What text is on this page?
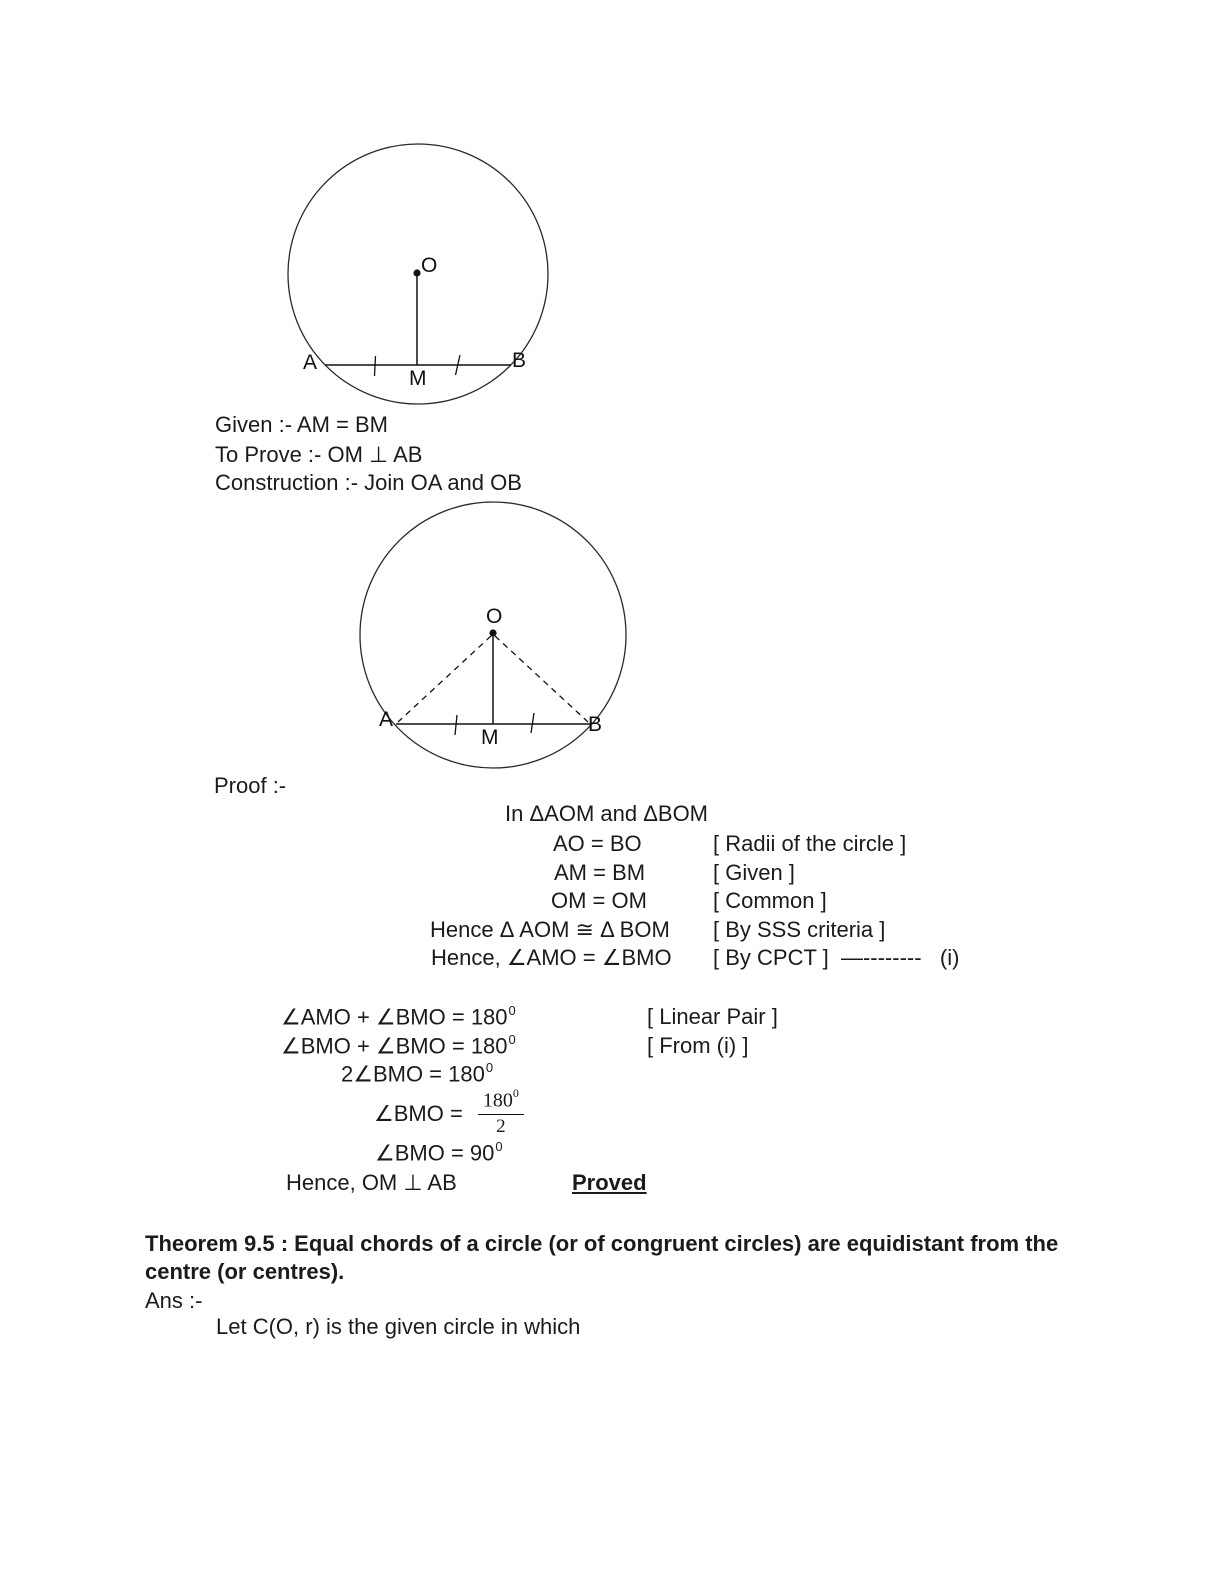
O
A	B
M
Given :- AM = BM
To Prove :- OM ⊥ AB
Construction :- Join OA and OB
O
A	B
M
Proof :-
In ΔAOM and ΔBOM
AO = BO	[ Radii of the circle ]
AM = BM	[ Given ]
OM = OM	[ Common ]
Hence Δ AOM ≅ Δ BOM [ By SSS criteria ]
Hence, ∠AMO = ∠BMO [ By CPCT ]  —--------   (i)
∠AMO + ∠BMO = $180^0$	[ Linear Pair ]
∠BMO + ∠BMO = $180^0$	[ From (i) ]
2∠BMO = $180^0$
∠BMO = $\frac{180^0}{2}$
∠BMO = $90^0$
Hence, OM ⊥ AB	Proved
Theorem 9.5 : Equal chords of a circle (or of congruent circles) are equidistant from the
centre (or centres).
Ans :-
Let C(O, r) is the given circle in which
